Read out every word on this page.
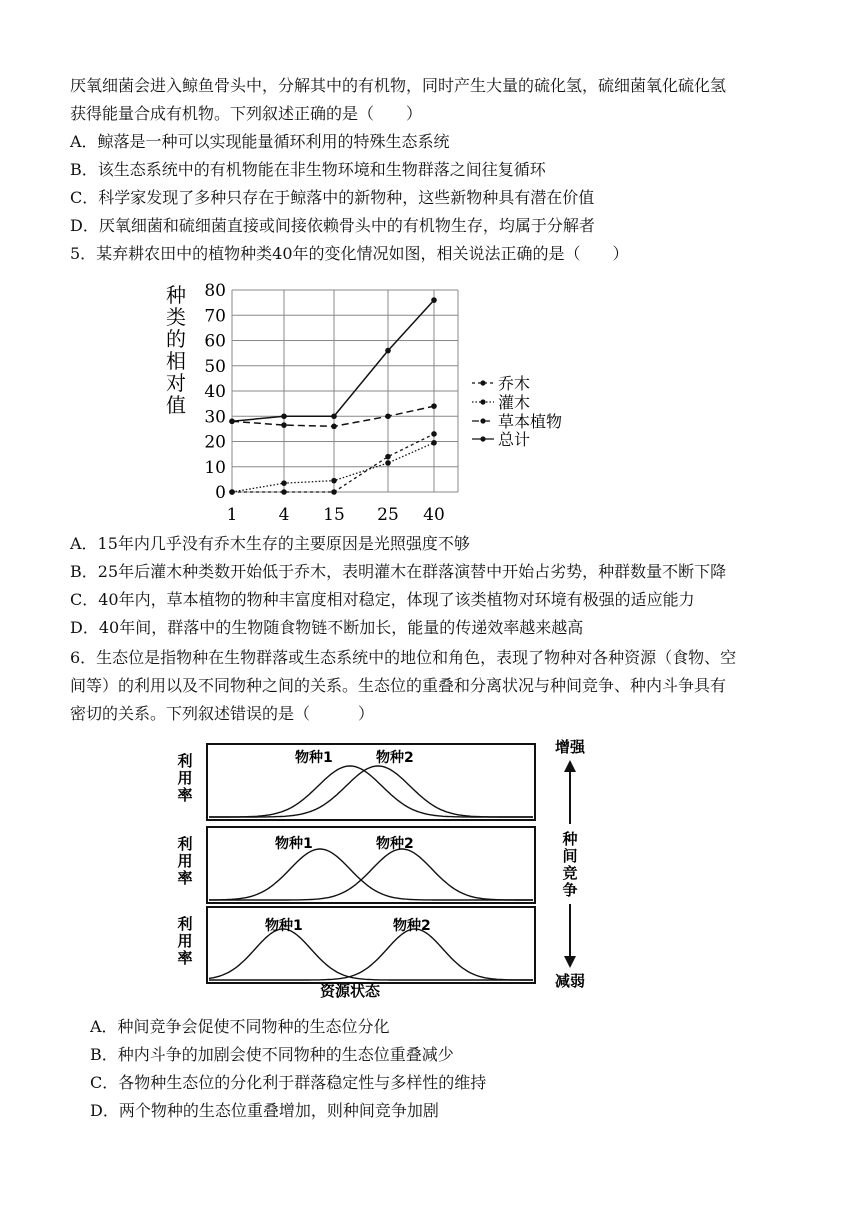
厌氧细菌会进入鲸鱼骨头中，分解其中的有机物，同时产生大量的硫化氢，硫细菌氧化硫化氢
获得能量合成有机物。下列叙述正确的是（　　）
A．鲸落是一种可以实现能量循环利用的特殊生态系统
B．该生态系统中的有机物能在非生物环境和生物群落之间往复循环
C．科学家发现了多种只存在于鲸落中的新物种，这些新物种具有潜在价值
D．厌氧细菌和硫细菌直接或间接依赖骨头中的有机物生存，均属于分解者
5．某弃耕农田中的植物种类40年的变化情况如图，相关说法正确的是（　　）
种
类
的
相
对
值
0
10
20
30
40
50
60
70
80
1 4 15 25 40
乔木
灌木
草本植物
总计
A．15年内几乎没有乔木生存的主要原因是光照强度不够
B．25年后灌木种类数开始低于乔木，表明灌木在群落演替中开始占劣势，种群数量不断下降
C．40年内，草本植物的物种丰富度相对稳定，体现了该类植物对环境有极强的适应能力
D．40年间，群落中的生物随食物链不断加长，能量的传递效率越来越高
6．生态位是指物种在生物群落或生态系统中的地位和角色，表现了物种对各种资源（食物、空
间等）的利用以及不同物种之间的关系。生态位的重叠和分离状况与种间竞争、种内斗争具有
密切的关系。下列叙述错误的是（　　　）
物种1	物种2
利
用
率
物种1	物种2
利
用
率
物种1	物种2
利
用
率
增强
种
间
竞
争
减弱
资源状态
A．种间竞争会促使不同物种的生态位分化
B．种内斗争的加剧会使不同物种的生态位重叠减少
C．各物种生态位的分化利于群落稳定性与多样性的维持
D．两个物种的生态位重叠增加，则种间竞争加剧
